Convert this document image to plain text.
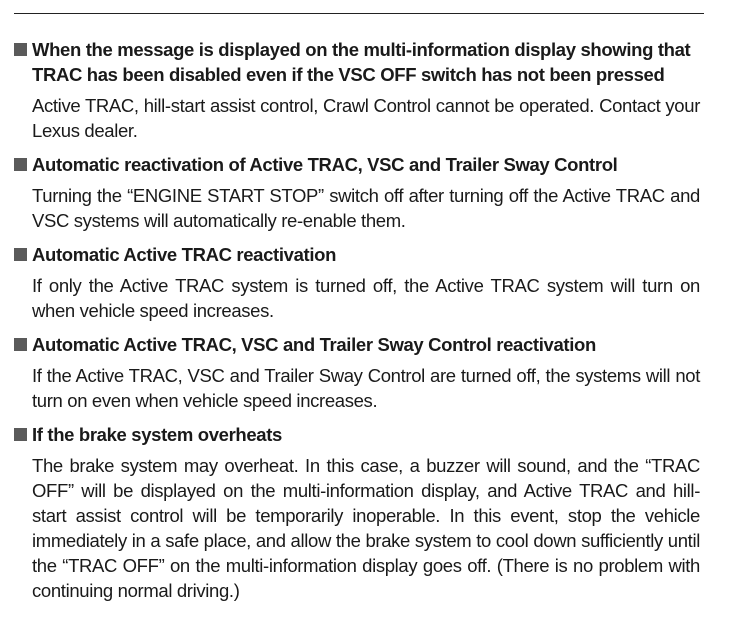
When the message is displayed on the multi-information display showing that TRAC has been disabled even if the VSC OFF switch has not been pressed

Active TRAC, hill-start assist control, Crawl Control cannot be operated. Contact your Lexus dealer.

Automatic reactivation of Active TRAC, VSC and Trailer Sway Control

Turning the “ENGINE START STOP” switch off after turning off the Active TRAC and VSC systems will automatically re-enable them.

Automatic Active TRAC reactivation

If only the Active TRAC system is turned off, the Active TRAC system will turn on when vehicle speed increases.

Automatic Active TRAC, VSC and Trailer Sway Control reactivation

If the Active TRAC, VSC and Trailer Sway Control are turned off, the systems will not turn on even when vehicle speed increases.

If the brake system overheats

The brake system may overheat. In this case, a buzzer will sound, and the “TRAC OFF” will be displayed on the multi-information display, and Active TRAC and hill-start assist control will be temporarily inoperable. In this event, stop the vehicle immediately in a safe place, and allow the brake system to cool down sufficiently until the “TRAC OFF” on the multi-information display goes off. (There is no problem with continuing normal driving.)
